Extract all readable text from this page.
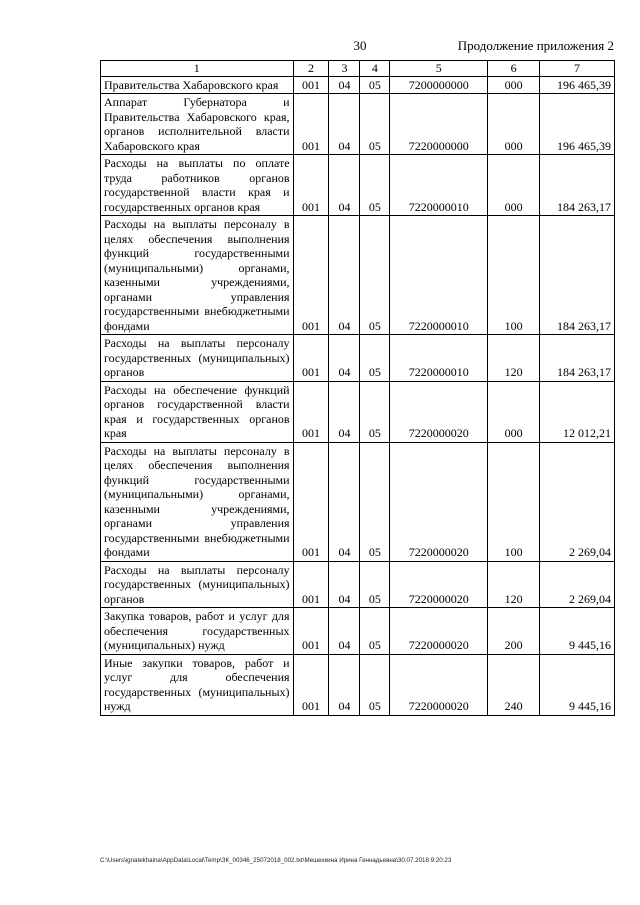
30	Продолжение приложения 2
1	2	3	4	5	6	7
Правительства Хабаровского края	001	04	05	7200000000	000	196 465,39
Аппарат Губернатора и Правительства Хабаровского края, органов исполнительной власти Хабаровского края	001	04	05	7220000000	000	196 465,39
Расходы на выплаты по оплате труда работников органов государственной власти края и государственных органов края	001	04	05	7220000010	000	184 263,17
Расходы на выплаты персоналу в целях обеспечения выполнения функций государственными (муниципальными) органами, казенными учреждениями, органами управления государственными внебюджетными фондами	001	04	05	7220000010	100	184 263,17
Расходы на выплаты персоналу государственных (муниципальных) органов	001	04	05	7220000010	120	184 263,17
Расходы на обеспечение функций органов государственной власти края и государственных органов края	001	04	05	7220000020	000	12 012,21
Расходы на выплаты персоналу в целях обеспечения выполнения функций государственными (муниципальными) органами, казенными учреждениями, органами управления государственными внебюджетными фондами	001	04	05	7220000020	100	2 269,04
Расходы на выплаты персоналу государственных (муниципальных) органов	001	04	05	7220000020	120	2 269,04
Закупка товаров, работ и услуг для обеспечения государственных (муниципальных) нужд	001	04	05	7220000020	200	9 445,16
Иные закупки товаров, работ и услуг для обеспечения государственных (муниципальных) нужд	001	04	05	7220000020	240	9 445,16
C:\Users\ignatekhaina\AppData\Local\Temp\ЗК_00346_25072018_002.txt\Мешехкина Ирина Геннадьевна\30.07.2018 9:20:23
